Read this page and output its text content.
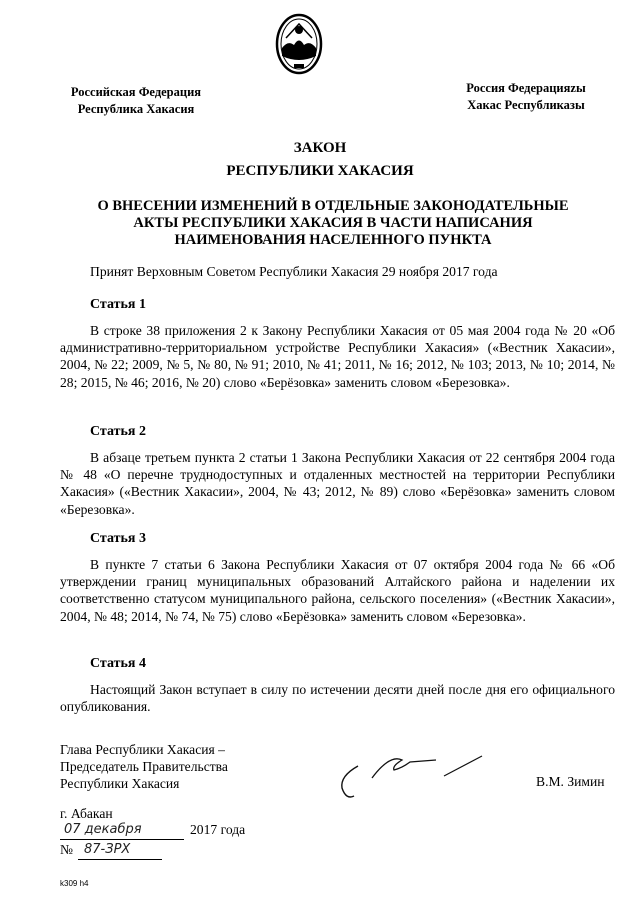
Российская Федерация
Республика Хакасия
Россия Федерацияzы
Хакас Республиказы
ЗАКОН
РЕСПУБЛИКИ ХАКАСИЯ
О ВНЕСЕНИИ ИЗМЕНЕНИЙ В ОТДЕЛЬНЫЕ ЗАКОНОДАТЕЛЬНЫЕ
АКТЫ РЕСПУБЛИКИ ХАКАСИЯ В ЧАСТИ НАПИСАНИЯ
НАИМЕНОВАНИЯ НАСЕЛЕННОГО ПУНКТА
Принят Верховным Советом Республики Хакасия 29 ноября 2017 года
Статья 1
В строке 38 приложения 2 к Закону Республики Хакасия от 05 мая 2004 года № 20 «Об административно-территориальном устройстве Республики Хакасия» («Вестник Хакасии», 2004, № 22; 2009, № 5, № 80, № 91; 2010, № 41; 2011, № 16; 2012, № 103; 2013, № 10; 2014, № 28; 2015, № 46; 2016, № 20) слово «Берёзовка» заменить словом «Березовка».
Статья 2
В абзаце третьем пункта 2 статьи 1 Закона Республики Хакасия от 22 сентября 2004 года № 48 «О перечне труднодоступных и отдаленных местностей на территории Республики Хакасия» («Вестник Хакасии», 2004, № 43; 2012, № 89) слово «Берёзовка» заменить словом «Березовка».
Статья 3
В пункте 7 статьи 6 Закона Республики Хакасия от 07 октября 2004 года № 66 «Об утверждении границ муниципальных образований Алтайского района и наделении их соответственно статусом муниципального района, сельского поселения» («Вестник Хакасии», 2004, № 48; 2014, № 74, № 75) слово «Берёзовка» заменить словом «Березовка».
Статья 4
Настоящий Закон вступает в силу по истечении десяти дней после дня его официального опубликования.
Глава Республики Хакасия –
Председатель Правительства
Республики Хакасия	В.М. Зимин
г. Абакан
07 декабря	2017 года
№ 87-ЗРХ
k309 h4
